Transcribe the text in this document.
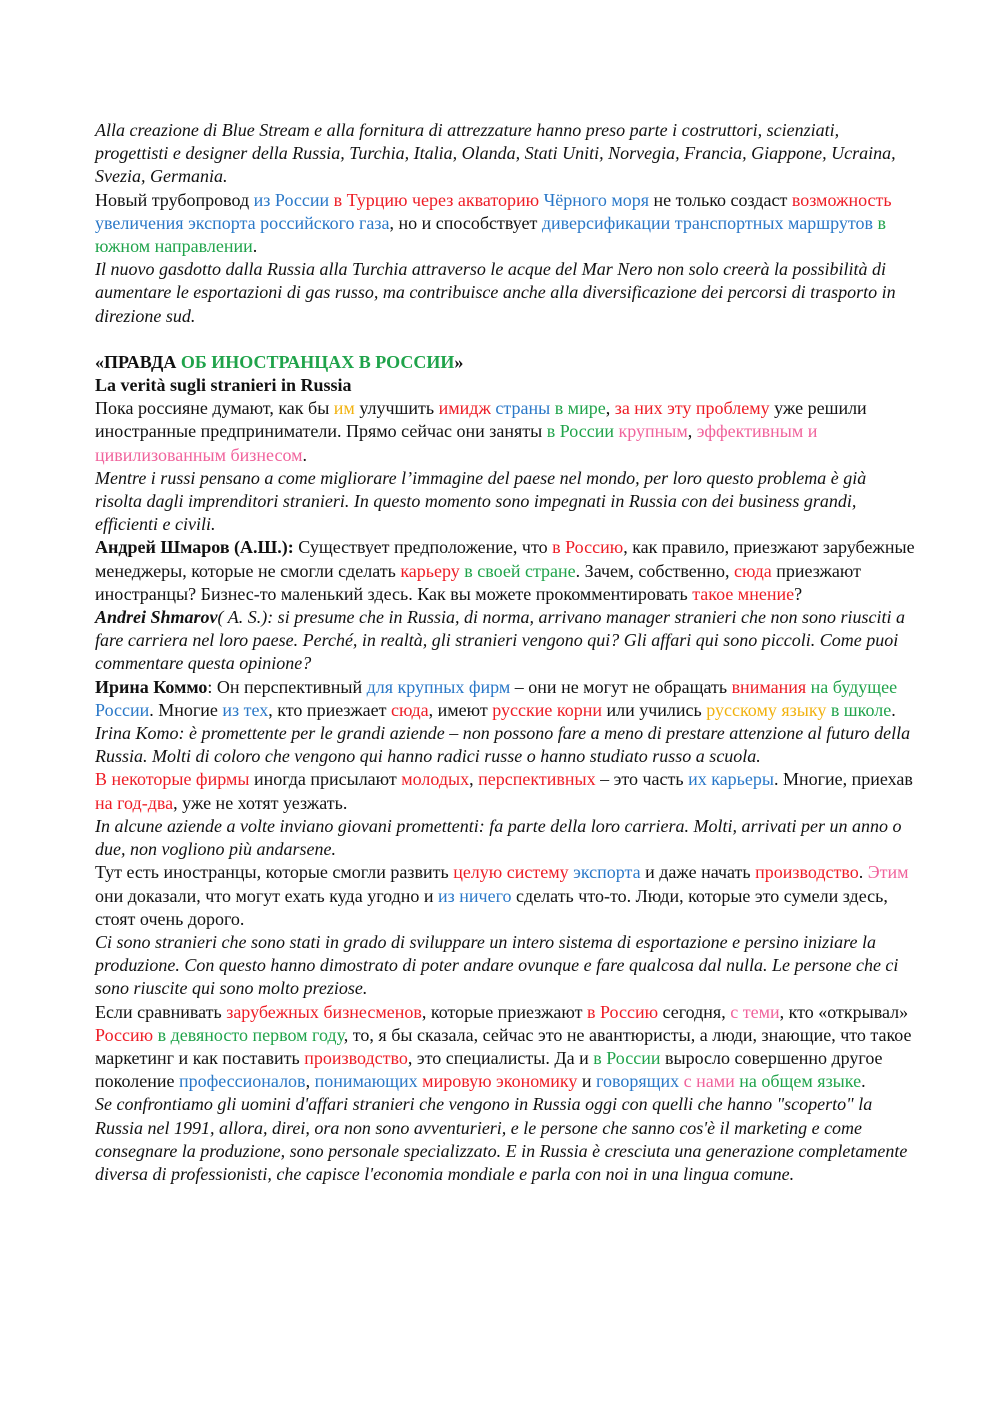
Alla creazione di Blue Stream e alla fornitura di attrezzature hanno preso parte i costruttori, scienziati, progettisti e designer della Russia, Turchia, Italia, Olanda, Stati Uniti, Norvegia, Francia, Giappone, Ucraina, Svezia, Germania.

Новый трубопровод из России в Турцию через акваторию Чёрного моря не только создаст возможность увеличения экспорта российского газа, но и способствует диверсификации транспортных маршрутов в южном направлении.

Il nuovo gasdotto dalla Russia alla Turchia attraverso le acque del Mar Nero non solo creerà la possibilità di aumentare le esportazioni di gas russo, ma contribuisce anche alla diversificazione dei percorsi di trasporto in direzione sud.

«ПРАВДА ОБ ИНОСТРАНЦАХ В РОССИИ»

La verità sugli stranieri in Russia

Пока россияне думают, как бы им улучшить имидж страны в мире, за них эту проблему уже решили иностранные предприниматели. Прямо сейчас они заняты в России крупным, эффективным и цивилизованным бизнесом.

Mentre i russi pensano a come migliorare l’immagine del paese nel mondo, per loro questo problema è già risolta dagli imprenditori stranieri. In questo momento sono impegnati in Russia con dei business grandi, efficienti e civili.

Андрей Шмаров (А.Ш.): Существует предположение, что в Россию, как правило, приезжают зарубежные менеджеры, которые не смогли сделать карьеру в своей стране. Зачем, собственно, сюда приезжают иностранцы? Бизнес-то маленький здесь. Как вы можете прокомментировать такое мнение?

Andrei Shmarov( A. S.): si presume che in Russia, di norma, arrivano manager stranieri che non sono riusciti a fare carriera nel loro paese. Perché, in realtà, gli stranieri vengono qui? Gli affari qui sono piccoli. Come puoi commentare questa opinione?

Ирина Коммо: Он перспективный для крупных фирм – они не могут не обращать внимания на будущее России. Многие из тех, кто приезжает сюда, имеют русские корни или учились русскому языку в школе.

Irina Komo: è promettente per le grandi aziende – non possono fare a meno di prestare attenzione al futuro della Russia. Molti di coloro che vengono qui hanno radici russe o hanno studiato russo a scuola.

В некоторые фирмы иногда присылают молодых, перспективных – это часть их карьеры. Многие, приехав на год-два, уже не хотят уезжать.

In alcune aziende a volte inviano giovani promettenti: fa parte della loro carriera. Molti, arrivati per un anno o due, non vogliono più andarsene.

Тут есть иностранцы, которые смогли развить целую систему экспорта и даже начать производство. Этим они доказали, что могут ехать куда угодно и из ничего сделать что-то. Люди, которые это сумели здесь, стоят очень дорого.

Ci sono stranieri che sono stati in grado di sviluppare un intero sistema di esportazione e persino iniziare la produzione. Con questo hanno dimostrato di poter andare ovunque e fare qualcosa dal nulla. Le persone che ci sono riuscite qui sono molto preziose.

Если сравнивать зарубежных бизнесменов, которые приезжают в Россию сегодня, с теми, кто «открывал» Россию в девяносто первом году, то, я бы сказала, сейчас это не авантюристы, а люди, знающие, что такое маркетинг и как поставить производство, это специалисты. Да и в России выросло совершенно другое поколение профессионалов, понимающих мировую экономику и говорящих с нами на общем языке.

Se confrontiamo gli uomini d'affari stranieri che vengono in Russia oggi con quelli che hanno "scoperto" la Russia nel 1991, allora, direi, ora non sono avventurieri, e le persone che sanno cos'è il marketing e come consegnare la produzione, sono personale specializzato. E in Russia è cresciuta una generazione completamente diversa di professionisti, che capisce l'economia mondiale e parla con noi in una lingua comune.
